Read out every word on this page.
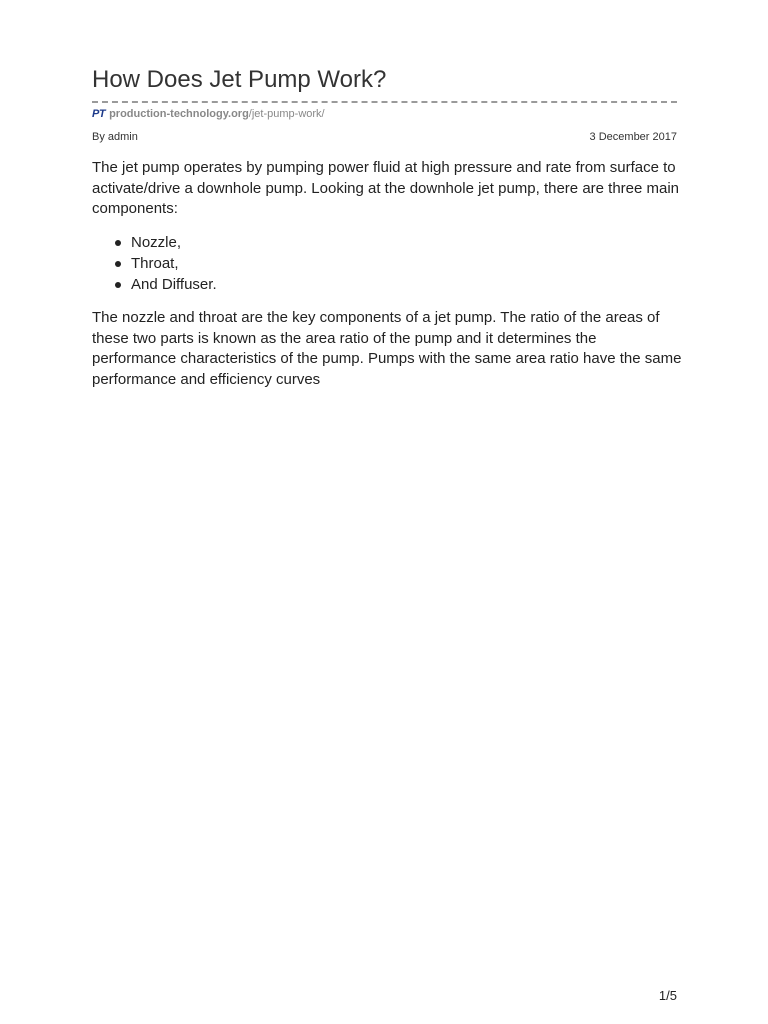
How Does Jet Pump Work?
PT production-technology.org /jet-pump-work/
By admin	3 December 2017

The jet pump operates by pumping power fluid at high pressure and rate from surface to activate/drive a downhole pump. Looking at the downhole jet pump, there are three main components:

Nozzle,
Throat,
And Diffuser.

The nozzle and throat are the key components of a jet pump. The ratio of the areas of these two parts is known as the area ratio of the pump and it determines the performance characteristics of the pump. Pumps with the same area ratio have the same performance and efficiency curves

1/5
